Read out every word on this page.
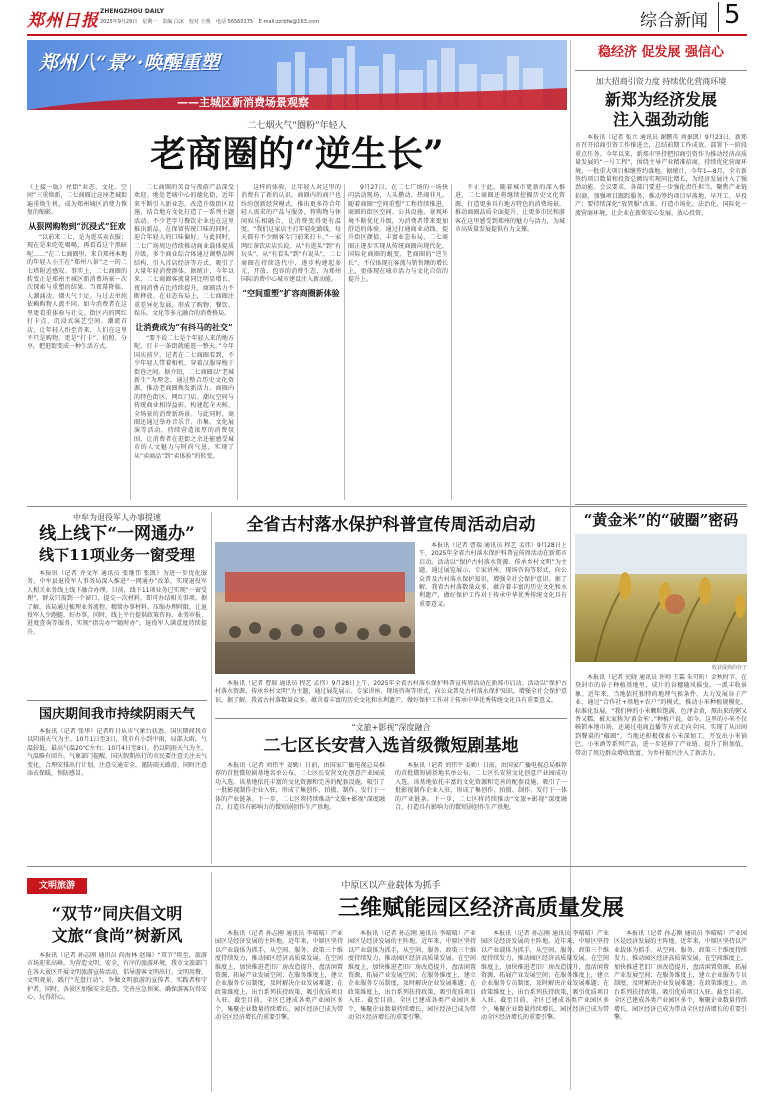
郑州日报 ZHENGZHOU DAILY
2025年9月29日　星期一　责编 白冰　校对 王燕 电话 56560175 E-mail:zzrbfw@163.com	综合新闻 5
郑州八“景”·唤醒重塑
——主城区新消费场景观察
稳经济 促发展 强信心
加大招商引资力度 持续优化营商环境
新郑为经济发展
注入强劲动能

本报讯（记者 张立 通讯员 谢鹏英 刘秦凯）9月23日，新郑市召开招商引资工作推进会，总结前期工作成效，部署下一阶段重点任务。今年以来，新郑市坚持把招商引资作为推动经济高质量发展的“一号工程”，围绕主导产业精准招商，持续优化营商环境，一批重大项目相继签约落地。据统计，今年1—8月，全市新签约项目数量和投资总额均实现同比增长，为经济发展注入了强劲动能。会议要求，各部门要进一步强化责任担当，聚焦产业链招商，加强项目跟踪服务，推动签约项目早落地、早开工、早投产；要持续深化“放管服”改革，打造市场化、法治化、国际化一流营商环境，让企业在新郑安心发展、放心投资。

二七烟火气“圈粉”年轻人
老商圈的“逆生长”

《上接一版》亮街“业态、文化、空间”三重焕新，二七商圈让这座老城街遍重焕生机，成为郑州城区消费力恢复的缩影。

从狠网购物到“沉浸式”狂欢

“以前来二七，是为逛买卖衣服；现在是来吃吃喝喝，再看看这个黑暗呢……”在二七商圈里，来自郑州本地的年轻人小王在“郑州八景”之一的二七塔附近感叹。事实上，二七商圈的转变正是郑州主城区新消费场景一次次探索与重塑的结果。当夜幕降临，人潮涌动，烟火气十足。与过去单纯依赖购物人流不同，如今消费者在这里更看重体验与社交。街区内的网红打卡点、沉浸式演艺空间、潮流首店，让年轻人纷至沓来，人们在这里不只是购物，更是“打卡”、拍照、分享，把逛街变成一种生活方式。

二七商圈的美食与夜游产品深受欢迎。地处老城中心的德化街，近年来不断引入新业态，改造升级街区设施，结合地方文化打造了一系列主题活动。不少老字号餐饮企业也在这里推出新品，在保留传统口味的同时，迎合年轻人的口味偏好。与此同时，二七广场周边持续推动商业载体提质升级，多个商业综合体通过调整品牌结构、引入首店经济等方式，吸引了大量年轻消费群体。据统计，今年以来，二七商圈客流量同比明显增长，夜间消费占比持续提升，商圈活力不断释放。在业态布局上，二七商圈注重差异化发展，形成了购物、餐饮、娱乐、文化等多元融合的消费格局。

让消费成为“有抖马的社交”

“要不说二七是个年轻人来的地方呢，打卡一条街就能逛一整天。”今年国庆前夕，记者在二七商圈看到，不少年轻人带着相机、穿着汉服穿梭于街巷之间。据介绍，二七商圈以“老城新生”为理念，通过整合历史文化资源，推动老商圈焕发新活力。商圈内的特色街区、网红门店、潮玩空间与传统商业相得益彰，构建起全天候、全场景的消费新场景。与此同时，商圈还通过举办音乐节、市集、文化展演等活动，持续营造浓厚的消费氛围，让消费者在逛街之余还能感受城市的人文魅力与时尚气息，实现了从“卖商品”到“卖体验”的转变。

这样的体验，让年轻人对这里的消费有了新的认识。商圈内的商户也纷纷创新经营模式，推出更多符合年轻人需求的产品与服务，将购物与休闲娱乐相融合，让消费变得更有温度。“我们这家店主打年轻化路线，每天都有不少顾客专门前来打卡。”一家网红茶饮店店长说。从“有逛头”到“有玩头”，从“有看头”到“有说头”，二七商圈在持续迭代中，逐步构建起多元、开放、包容的消费生态，为郑州国际消费中心城市建设注入新动能。

“空间重塑”扩容商圈新体验

9月27日，在二七广场的一场快闪活动现场，人头攒动、热闹非凡。随着商圈“空间重塑”工程持续推进，商圈的街区空间、公共设施、景观环境不断优化升级，为消费者带来更加舒适的体验。通过打通商业动线、提升街区颜值、丰富业态布局，二七商圈正逐步实现从传统商圈向现代化、国际化商圈的蜕变。老商圈的“逆生长”，不仅体现在客流与销售额的增长上，更体现在城市活力与文化自信的提升上。

不止于此。随着城市更新的深入推进，二七商圈还将继续挖掘历史文化资源，打造更多具有地方特色的消费场景，推动商圈品质全面提升，让更多市民和游客在这里感受到郑州的魅力与活力，为城市高质量发展提供有力支撑。

中牟为退役军人办事提速
线上线下“一网通办”
线下11项业务一窗受理

本报讯（记者 齐文军 通讯员 张继伟 张凯）为进一步优化服务，中牟县退役军人事务局深入推进“一网通办”改革，实现退役军人相关业务线上线下融合办理。目前，线下11项业务已实现“一窗受理”，群众只需到一个窗口、提交一次材料，即可办结相关事项。据了解，该局通过梳理业务流程、精简办事材料、压缩办理时限，让退役军人少跑腿、好办事。同时，线上平台提供政策咨询、业务申报、进度查询等服务，实现“指尖办”“随时办”，退役军人满意度持续提升。

国庆期间我市持续阴雨天气

本报讯（记者 张华）记者昨日从市气象台获悉，国庆期间我市以阴雨天气为主。10月1日至3日，我市有小到中雨，局部大雨，气温较低，最高气温20℃左右；10月4日至8日，仍以阴雨天气为主，气温略有回升。气象部门提醒，国庆假期出行的市民要注意关注天气变化，合理安排出行计划，注意交通安全，谨防雨天路滑，同时注意添衣保暖，预防感冒。

全省古村落水保护科普宣传周活动启动

本报讯（记者 曹瑞 通讯员 程艺 孟伟）9月28日上午，2025年全省古村落水保护科普宣传周活动在新郑市启动。活动以“保护古村落水资源、传承乡村文明”为主题，通过展览展示、专家讲座、现场咨询等形式，向公众普及古村落水保护知识，增强全社会保护意识。据了解，我省古村落数量众多，蕴含着丰富的历史文化和水利遗产，做好保护工作对于传承中华优秀传统文化具有重要意义。

本报讯（记者 曹瑞 通讯员 程艺 孟伟）9月28日上午，2025年全省古村落水保护科普宣传周活动在新郑市启动。活动以“保护古村落水资源、传承乡村文明”为主题，通过展览展示、专家讲座、现场咨询等形式，向公众普及古村落水保护知识，增强全社会保护意识。据了解，我省古村落数量众多，蕴含着丰富的历史文化和水利遗产，做好保护工作对于传承中华优秀传统文化具有重要意义。

“文旅+影视”深度融合
二七区长安营入选首级微短剧基地

本报讯（记者 刘伟平 姜勤）日前，由国家广播电视总局推荐的首批微短剧基地名单公布，二七区长安营文化创意产业园成功入选。该基地依托丰富的文化资源和完善的配套设施，吸引了一批影视制作企业入驻，形成了集创作、拍摄、制作、发行于一体的产业链条。下一步，二七区将持续推动“文旅+影视”深度融合，打造具有影响力的微短剧创作生产基地。

本报讯（记者 刘伟平 姜勤）日前，由国家广播电视总局推荐的首批微短剧基地名单公布，二七区长安营文化创意产业园成功入选。该基地依托丰富的文化资源和完善的配套设施，吸引了一批影视制作企业入驻，形成了集创作、拍摄、制作、发行于一体的产业链条。下一步，二七区将持续推动“文旅+影视”深度融合，打造具有影响力的微短剧创作生产基地。

“黄金米”的“破圈”密码
收获成熟的谷子

本报讯（记者 史晓 通讯员 许帅 王霖 朱可昕）金秋时节，在登封市的谷子种植基地里，成片的谷穗随风摇曳，一派丰收景象。近年来，当地依托独特的地理气候条件，大力发展谷子产业，通过“合作社+基地+农户”的模式，推动小米种植规模化、标准化发展。“我们种的小米颗粒饱满、色泽金黄，熬出来的粥又香又糯，被大家称为‘黄金米’。”种植户说。如今，这里的小米不仅畅销本地市场，还通过电商直播等方式走向全国，实现了从田间到餐桌的“破圈”。当地还积极探索小米深加工，开发出小米锅巴、小米酒等系列产品，进一步延伸了产业链、提升了附加值，带动了周边群众增收致富，为乡村振兴注入了新活力。

文明旅游
“双节”同庆倡文明
文旅“食尚”树新风

本报讯（记者 孙志刚 通讯员 尚海林 赵锦）“双节”将至，旅游市场迎来高峰。为营造文明、安全、有序的旅游环境，我市文旅部门在各大景区开展文明旅游宣传活动，倡导游客文明出行、文明用餐、文明观景，践行“光盘行动”，争做文明旅游的宣传者、实践者和守护者。同时，各景区加强安全巡查，完善应急预案，确保游客玩得安心、玩得舒心。

中原区以产业载体为抓手
三维赋能园区经济高质量发展

本报讯（记者 孙志刚 通讯员 李晴晴）产业园区是经济发展的主阵地。近年来，中原区坚持以产业载体为抓手，从空间、服务、政策三个维度持续发力，推动园区经济高质量发展。在空间维度上，加快推进老旧厂房改造提升，盘活闲置资源，拓展产业发展空间；在服务维度上，建立企业服务专员制度，及时解决企业发展难题；在政策维度上，出台系列扶持政策，吸引优质项目入驻。截至目前，全区已建成各类产业园区多个，集聚企业数量持续增长，园区经济已成为带动全区经济增长的重要引擎。

本报讯（记者 孙志刚 通讯员 李晴晴）产业园区是经济发展的主阵地。近年来，中原区坚持以产业载体为抓手，从空间、服务、政策三个维度持续发力，推动园区经济高质量发展。在空间维度上，加快推进老旧厂房改造提升，盘活闲置资源，拓展产业发展空间；在服务维度上，建立企业服务专员制度，及时解决企业发展难题；在政策维度上，出台系列扶持政策，吸引优质项目入驻。截至目前，全区已建成各类产业园区多个，集聚企业数量持续增长，园区经济已成为带动全区经济增长的重要引擎。

本报讯（记者 孙志刚 通讯员 李晴晴）产业园区是经济发展的主阵地。近年来，中原区坚持以产业载体为抓手，从空间、服务、政策三个维度持续发力，推动园区经济高质量发展。在空间维度上，加快推进老旧厂房改造提升，盘活闲置资源，拓展产业发展空间；在服务维度上，建立企业服务专员制度，及时解决企业发展难题；在政策维度上，出台系列扶持政策，吸引优质项目入驻。截至目前，全区已建成各类产业园区多个，集聚企业数量持续增长，园区经济已成为带动全区经济增长的重要引擎。

本报讯（记者 孙志刚 通讯员 李晴晴）产业园区是经济发展的主阵地。近年来，中原区坚持以产业载体为抓手，从空间、服务、政策三个维度持续发力，推动园区经济高质量发展。在空间维度上，加快推进老旧厂房改造提升，盘活闲置资源，拓展产业发展空间；在服务维度上，建立企业服务专员制度，及时解决企业发展难题；在政策维度上，出台系列扶持政策，吸引优质项目入驻。截至目前，全区已建成各类产业园区多个，集聚企业数量持续增长，园区经济已成为带动全区经济增长的重要引擎。
